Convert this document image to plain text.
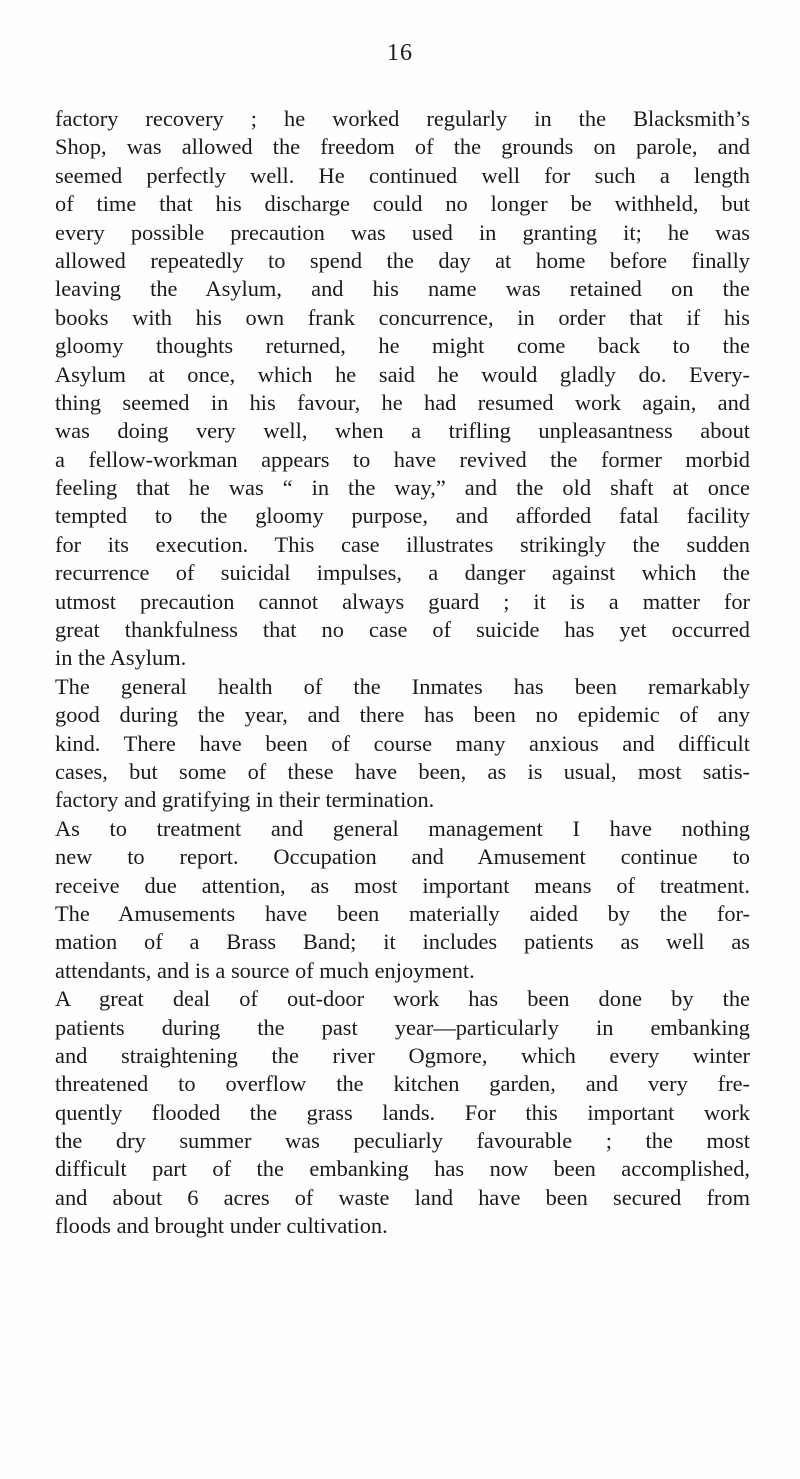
16
factory recovery ; he worked regularly in the Blacksmith’s
Shop, was allowed the freedom of the grounds on parole, and
seemed perfectly well. He continued well for such a length
of time that his discharge could no longer be withheld, but
every possible precaution was used in granting it; he was
allowed repeatedly to spend the day at home before finally
leaving the Asylum, and his name was retained on the
books with his own frank concurrence, in order that if his
gloomy thoughts returned, he might come back to the
Asylum at once, which he said he would gladly do. Every-
thing seemed in his favour, he had resumed work again, and
was doing very well, when a trifling unpleasantness about
a fellow-workman appears to have revived the former morbid
feeling that he was “ in the way,” and the old shaft at once
tempted to the gloomy purpose, and afforded fatal facility
for its execution. This case illustrates strikingly the sudden
recurrence of suicidal impulses, a danger against which the
utmost precaution cannot always guard ; it is a matter for
great thankfulness that no case of suicide has yet occurred
in the Asylum.
The general health of the Inmates has been remarkably
good during the year, and there has been no epidemic of any
kind. There have been of course many anxious and difficult
cases, but some of these have been, as is usual, most satis-
factory and gratifying in their termination.
As to treatment and general management I have nothing
new to report. Occupation and Amusement continue to
receive due attention, as most important means of treatment.
The Amusements have been materially aided by the for-
mation of a Brass Band; it includes patients as well as
attendants, and is a source of much enjoyment.
A great deal of out-door work has been done by the
patients during the past year—particularly in embanking
and straightening the river Ogmore, which every winter
threatened to overflow the kitchen garden, and very fre-
quently flooded the grass lands. For this important work
the dry summer was peculiarly favourable ; the most
difficult part of the embanking has now been accomplished,
and about 6 acres of waste land have been secured from
floods and brought under cultivation.
